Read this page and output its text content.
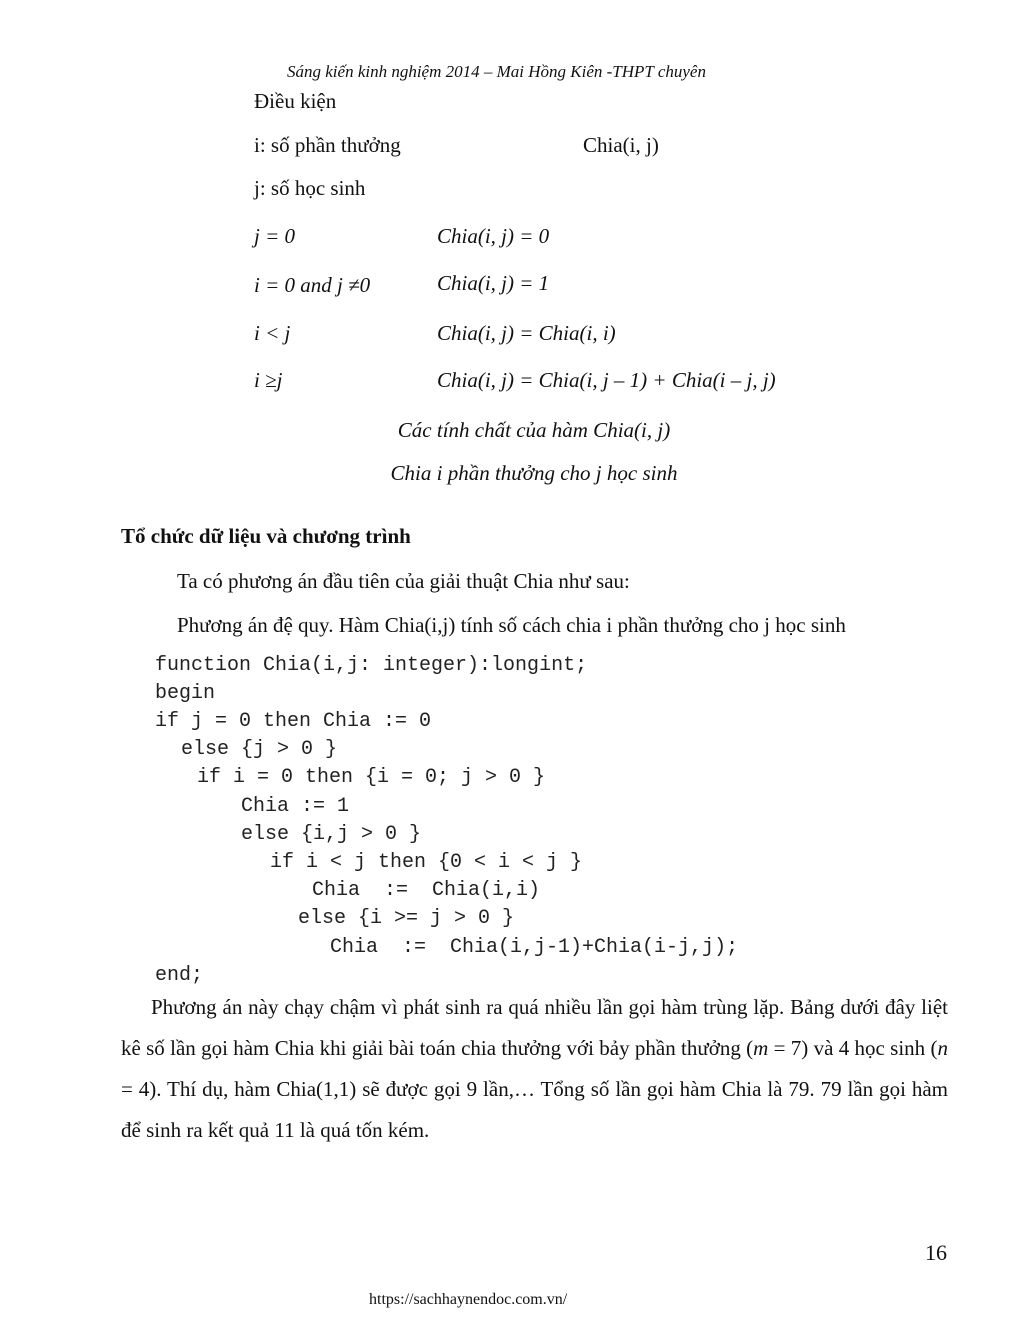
Sáng kiến kinh nghiệm 2014 – Mai Hồng Kiên -THPT chuyên
Điều kiện
i: số phần thưởng	Chia(i, j)
j: số học sinh
j = 0	Chia(i, j) = 0
i = 0 and j ≠0	Chia(i, j) = 1
i < j	Chia(i, j) = Chia(i, i)
i ≥j	Chia(i, j) = Chia(i, j – 1) + Chia(i – j, j)
Các tính chất của hàm Chia(i, j)
Chia i phần thưởng cho j học sinh
Tổ chức dữ liệu và chương trình
Ta có phương án đầu tiên của giải thuật Chia như sau:
Phương án đệ quy. Hàm Chia(i,j) tính số cách chia i phần thưởng cho j học sinh
function Chia(i,j: integer):longint;
begin
if j = 0 then Chia := 0
else {j > 0 }
if i = 0 then {i = 0; j > 0 }
Chia := 1
else {i,j > 0 }
if i < j then {0 < i < j }
Chia  :=  Chia(i,i)
else {i >= j > 0 }
Chia  :=  Chia(i,j-1)+Chia(i-j,j);
end;
Phương án này chạy chậm vì phát sinh ra quá nhiều lần gọi hàm trùng lặp. Bảng dưới đây liệt kê số lần gọi hàm Chia khi giải bài toán chia thưởng với bảy phần thưởng (m = 7) và 4 học sinh (n = 4). Thí dụ, hàm Chia(1,1) sẽ được gọi 9 lần,… Tổng số lần gọi hàm Chia là 79. 79 lần gọi hàm để sinh ra kết quả 11 là quá tốn kém.
16
https://sachhaynendoc.com.vn/
